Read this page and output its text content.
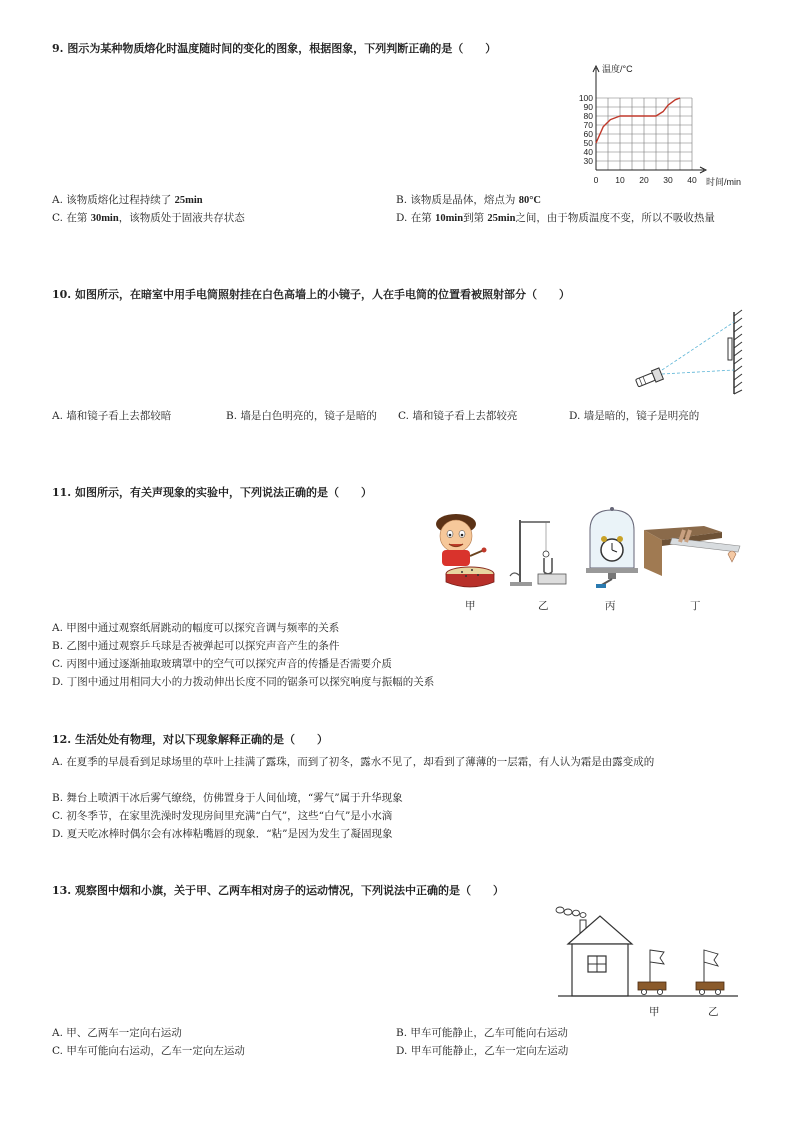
9. 图示为某种物质熔化时温度随时间的变化的图象，根据图象，下列判断正确的是（　　）
30
40
50
60
70
80
90
100
0 10 20 30 40
温度/°C
时间/min
A. 该物质熔化过程持续了 25min	B. 该物质是晶体，熔点为 80°C
C. 在第 30min，该物质处于固液共存状态	D. 在第 10min到第 25min之间，由于物质温度不变，所以不吸收热量
10. 如图所示，在暗室中用手电筒照射挂在白色高墙上的小镜子，人在手电筒的位置看被照射部分（　　）
A. 墙和镜子看上去都较暗	B. 墙是白色明亮的，镜子是暗的	C. 墙和镜子看上去都较亮	D. 墙是暗的，镜子是明亮的
11. 如图所示，有关声现象的实验中，下列说法正确的是（　　）
甲	乙	丙	丁
A. 甲图中通过观察纸屑跳动的幅度可以探究音调与频率的关系
B. 乙图中通过观察乒乓球是否被弹起可以探究声音产生的条件
C. 丙图中通过逐渐抽取玻璃罩中的空气可以探究声音的传播是否需要介质
D. 丁图中通过用相同大小的力拨动伸出长度不同的锯条可以探究响度与振幅的关系
12. 生活处处有物理，对以下现象解释正确的是（　　）
A. 在夏季的早晨看到足球场里的草叶上挂满了露珠，而到了初冬，露水不见了，却看到了薄薄的一层霜，有人认为霜是由露变成的
B. 舞台上喷洒干冰后雾气缭绕，仿佛置身于人间仙境，“雾气”属于升华现象
C. 初冬季节，在家里洗澡时发现房间里充满“白气”，这些“白气”是小水滴
D. 夏天吃冰棒时偶尔会有冰棒粘嘴唇的现象．“粘”是因为发生了凝固现象
13. 观察图中烟和小旗，关于甲、乙两车相对房子的运动情况，下列说法中正确的是（　　）
甲	乙
A. 甲、乙两车一定向右运动	B. 甲车可能静止，乙车可能向右运动
C. 甲车可能向右运动，乙车一定向左运动	D. 甲车可能静止，乙车一定向左运动
